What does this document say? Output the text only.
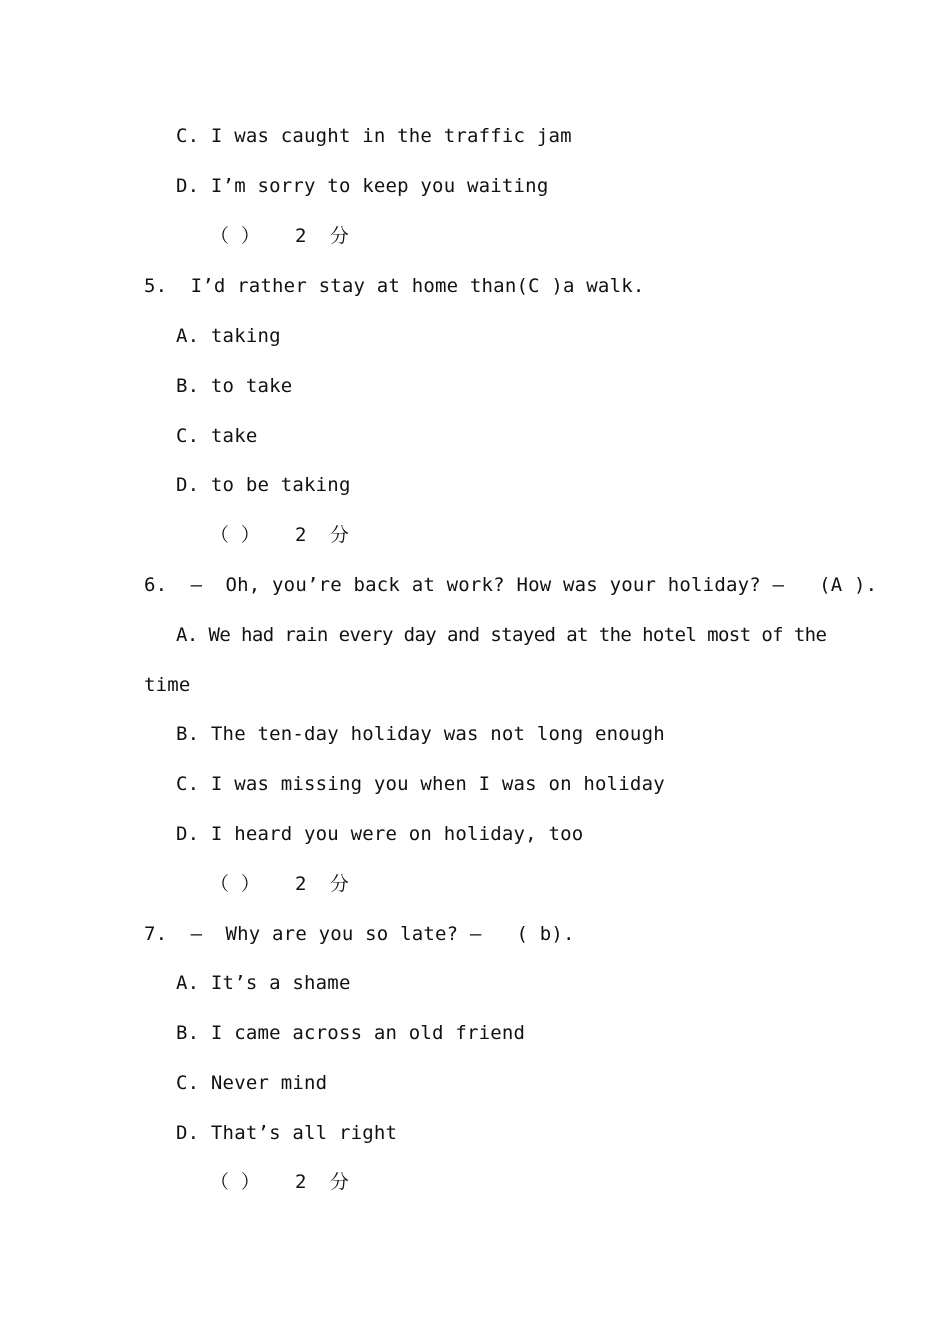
C. I was caught in the traffic jam
D. I’m sorry to keep you waiting
（ ）   2  分
5. I’d rather stay at home than(C )a walk.
A. taking
B. to take
C. take
D. to be taking
（ ）   2  分
6. —  Oh, you’re back at work? How was your holiday? —   (A ).
A. We had rain every day and stayed at the hotel most of the
time
B. The ten-day holiday was not long enough
C. I was missing you when I was on holiday
D. I heard you were on holiday, too
（ ）   2  分
7. —  Why are you so late? —   ( b).
A. It’s a shame
B. I came across an old friend
C. Never mind
D. That’s all right
（ ）   2  分
